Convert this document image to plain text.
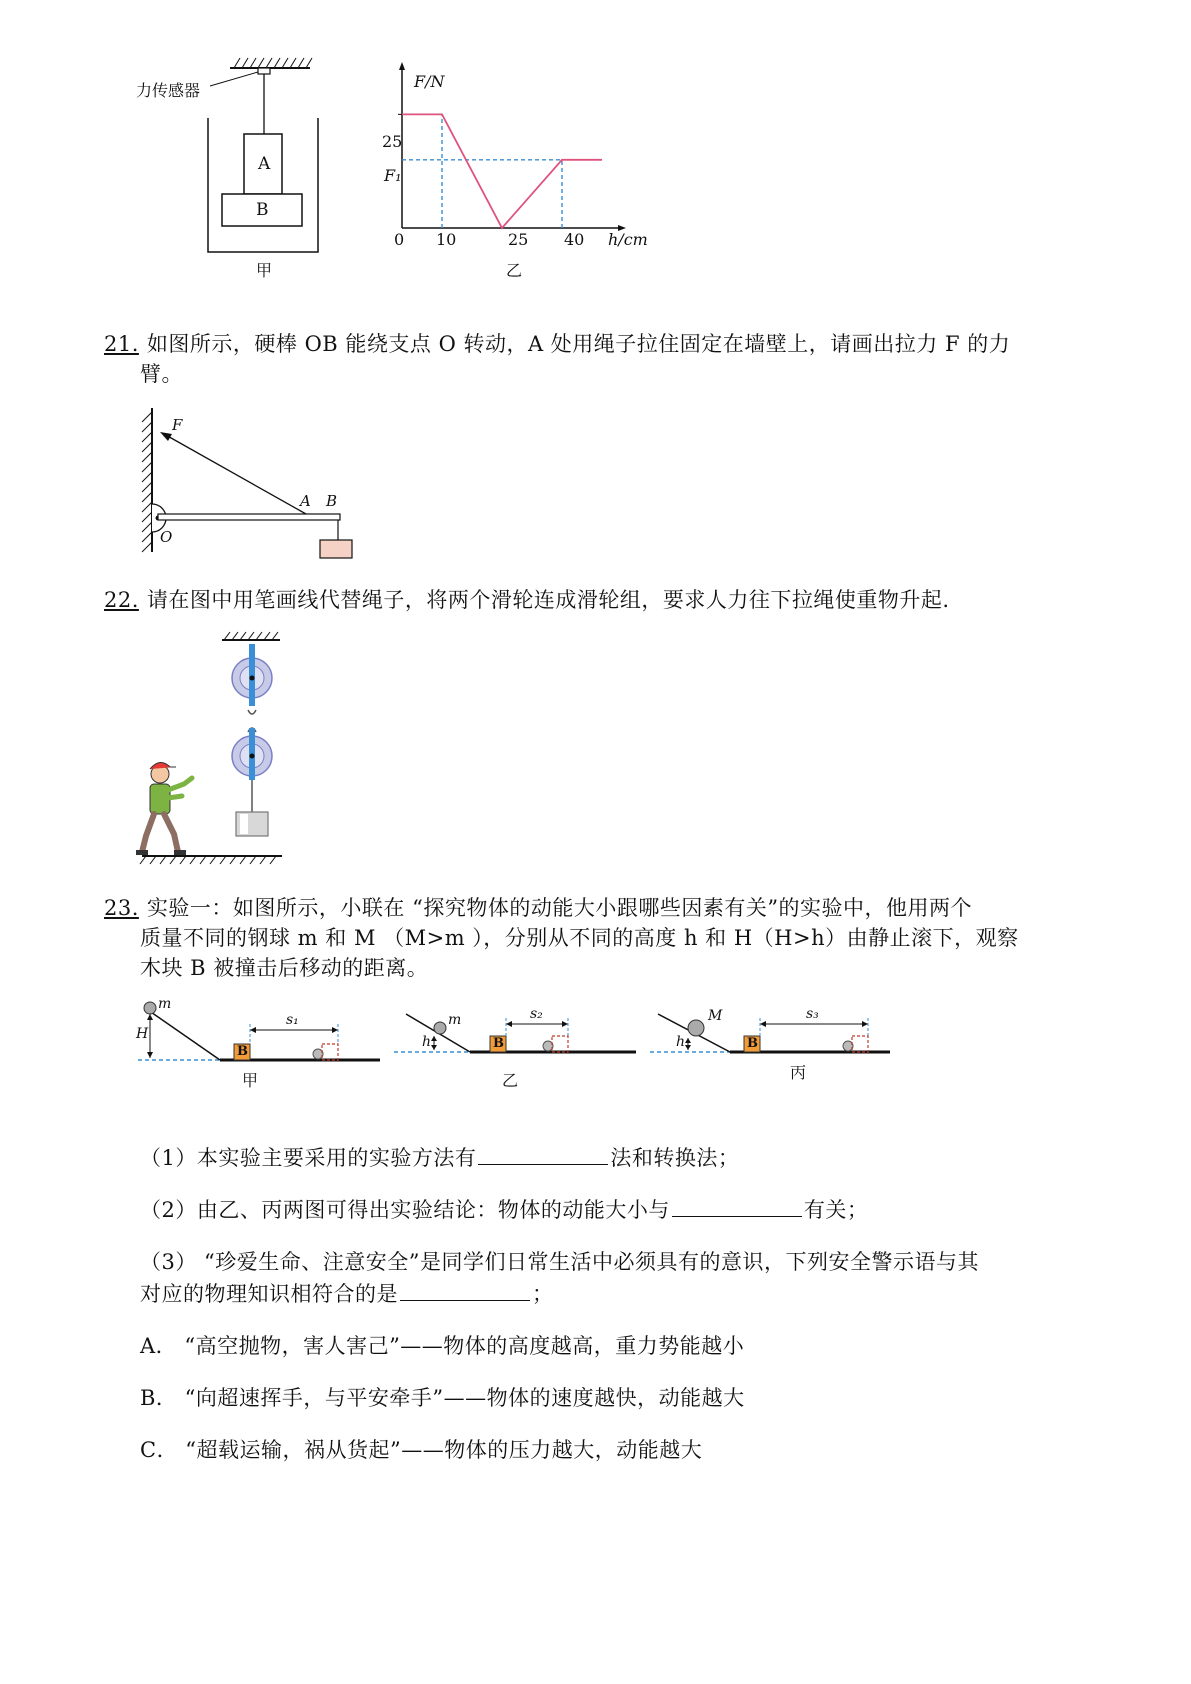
力传感器
A
B
甲
F/N
h/cm
25
F₁
0 10	25 40
乙
21. 如图所示，硬棒 OB 能绕支点 O 转动，A 处用绳子拉住固定在墙壁上，请画出拉力 F 的力
臂。
F
A B
O
22. 请在图中用笔画线代替绳子，将两个滑轮连成滑轮组，要求人力往下拉绳使重物升起.
23. 实验一：如图所示，小联在 “探究物体的动能大小跟哪些因素有关”的实验中，他用两个
质量不同的钢球 m 和 M （M>m ），分别从不同的高度 h 和 H（H>h）由静止滚下，观察
木块 B 被撞击后移动的距离。
m
H
B
s₁
甲
m
h	B
s₂
乙
M
h	B
s₃
丙
（1）本实验主要采用的实验方法有	法和转换法；
（2）由乙、丙两图可得出实验结论：物体的动能大小与	有关；
（3） “珍爱生命、注意安全”是同学们日常生活中必须具有的意识，下列安全警示语与其
对应的物理知识相符合的是	；
A． “高空抛物，害人害己”——物体的高度越高，重力势能越小
B． “向超速挥手，与平安牵手”——物体的速度越快，动能越大
C． “超载运输，祸从货起”——物体的压力越大，动能越大
